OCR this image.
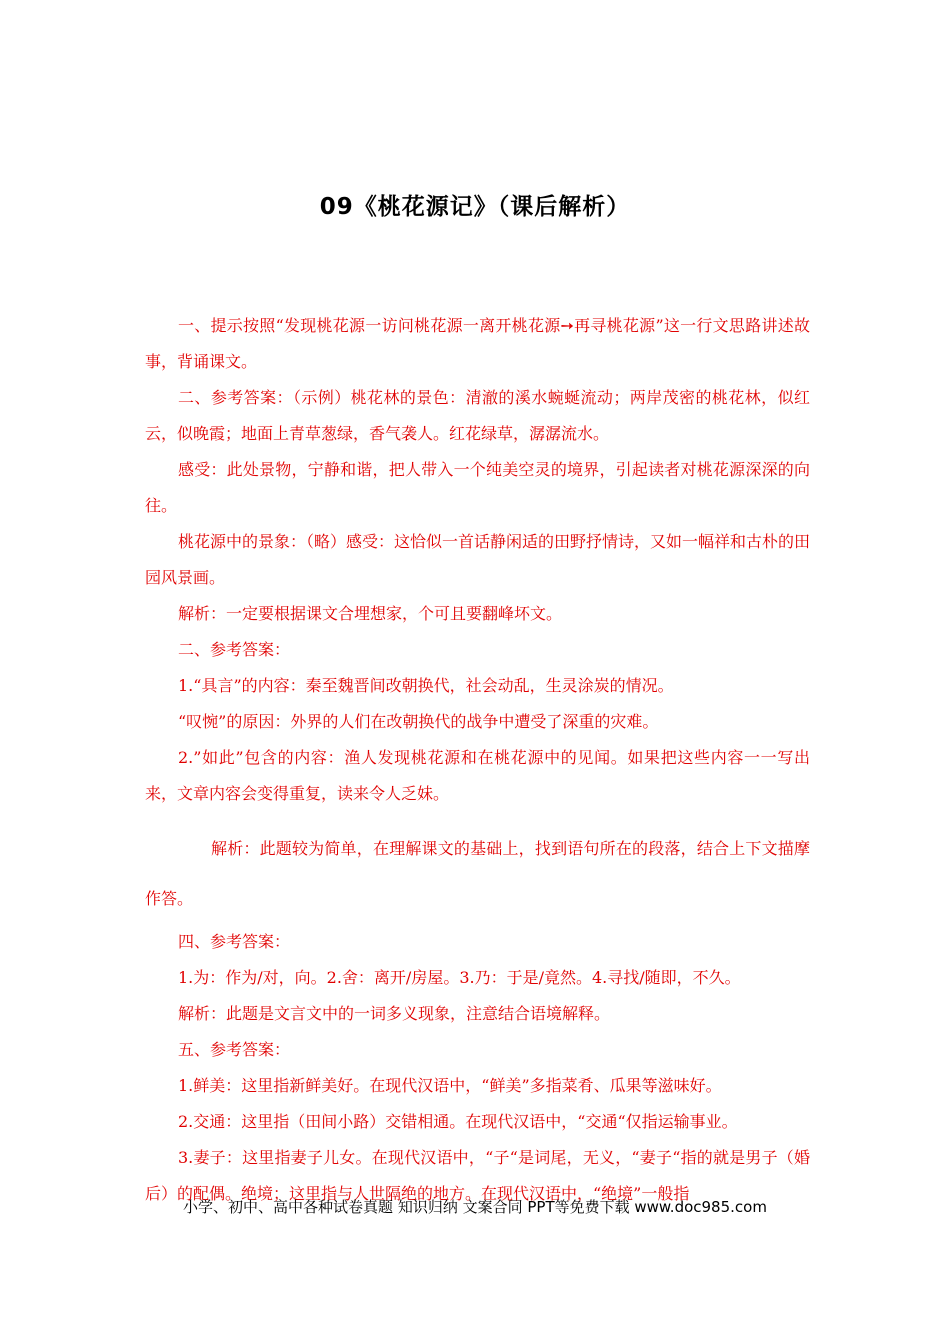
09《桃花源记》（课后解析）

一、提示按照“发现桃花源一访问桃花源一离开桃花源➙再寻桃花源”这一行文思路讲述故事，背诵课文。

二、参考答案：（示例）桃花林的景色：清澈的溪水蜿蜒流动；两岸茂密的桃花林，似红云，似晚霞；地面上青草葱绿，香气袭人。红花绿草，潺潺流水。

感受：此处景物，宁静和谐，把人带入一个纯美空灵的境界，引起读者对桃花源深深的向往。

桃花源中的景象：（略）感受：这恰似一首话静闲适的田野抒情诗，又如一幅祥和古朴的田园风景画。

解析：一定要根据课文合埋想家，个可且要翻峰坏文。

二、参考答案：

1.“具言”的内容：秦至魏晋间改朝换代，社会动乱，生灵涂炭的情况。

“叹惋”的原因：外界的人们在改朝换代的战争中遭受了深重的灾难。

2.”如此”包含的内容：渔人发现桃花源和在桃花源中的见闻。如果把这些内容一一写出来，文章内容会变得重复，读来令人乏妹。

解析：此题较为简单，在理解课文的基础上，找到语句所在的段落，结合上下文描摩作答。

四、参考答案：

1.为：作为/对，向。2.舍：离开/房屋。3.乃：于是/竟然。4.寻找/随即，不久。

解析：此题是文言文中的一词多义现象，注意结合语境解释。

五、参考答案：

1.鲜美：这里指新鲜美好。在现代汉语中，“鲜美”多指菜肴、瓜果等滋味好。

2.交通：这里指（田间小路）交错相通。在现代汉语中，“交通“仅指运输事业。

3.妻子：这里指妻子儿女。在现代汉语中，“子“是词尾，无义，“妻子“指的就是男子（婚后）的配偶。绝境；这里指与人世隔绝的地方。在现代汉语中，“绝境”一般指

小学、初中、高中各种试卷真题 知识归纳 文案合同 PPT等免费下载 www.doc985.com
